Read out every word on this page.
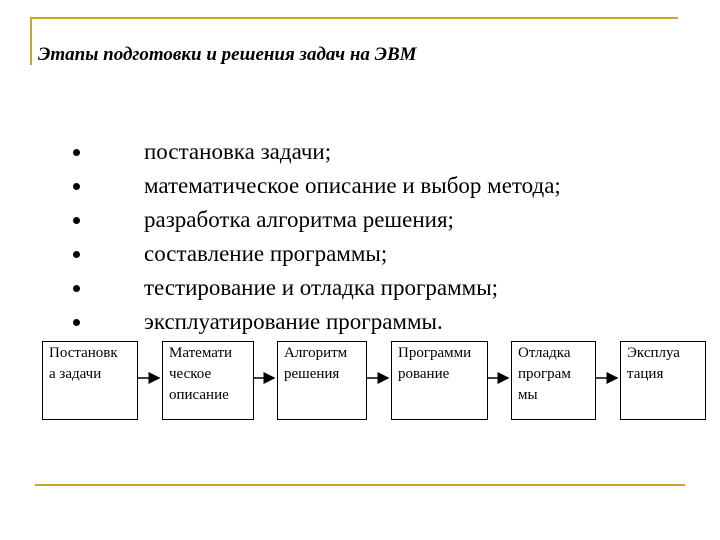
Этапы подготовки и решения задач на ЭВМ
постановка задачи;
математическое описание и выбор метода;
разработка алгоритма решения;
составление программы;
тестирование и отладка программы;
эксплуатирование программы.
Постановк
а задачи
Математи
ческое
описание
Алгоритм
решения
Программи
рование
Отладка
програм
мы
Эксплуа
тация
